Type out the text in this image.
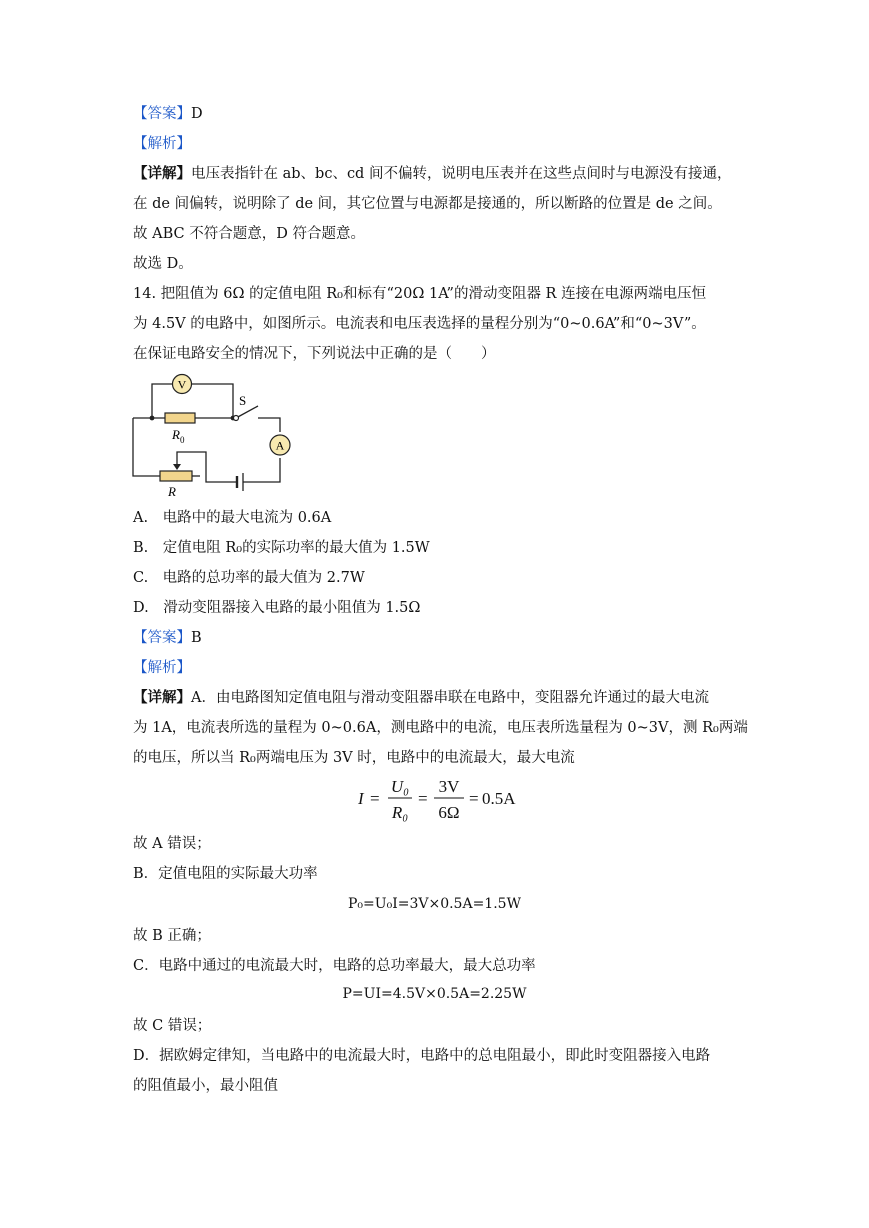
【答案】D
【解析】
【详解】电压表指针在 ab、bc、cd 间不偏转，说明电压表并在这些点间时与电源没有接通，
在 de 间偏转，说明除了 de 间，其它位置与电源都是接通的，所以断路的位置是 de 之间。
故 ABC 不符合题意，D 符合题意。
故选 D。
14. 把阻值为 6Ω 的定值电阻 R₀和标有“20Ω 1A”的滑动变阻器 R 连接在电源两端电压恒
为 4.5V 的电路中，如图所示。电流表和电压表选择的量程分别为“0~0.6A”和“0~3V”。
在保证电路安全的情况下，下列说法中正确的是（　　）
V
$R_0$
S
A
R
A.　电路中的最大电流为 0.6A
B.　定值电阻 R₀的实际功率的最大值为 1.5W
C.　电路的总功率的最大值为 2.7W
D.　滑动变阻器接入电路的最小阻值为 1.5Ω
【答案】B
【解析】
【详解】A．由电路图知定值电阻与滑动变阻器串联在电路中，变阻器允许通过的最大电流
为 1A，电流表所选的量程为 0~0.6A，测电路中的电流，电压表所选量程为 0~3V，测 R₀两端
的电压，所以当 R₀两端电压为 3V 时，电路中的电流最大，最大电流
I =
U₀
R₀
=
3V
6Ω
= 0.5A
故 A 错误；
B．定值电阻的实际最大功率
P₀=U₀I=3V×0.5A=1.5W
故 B 正确；
C．电路中通过的电流最大时，电路的总功率最大，最大总功率
P=UI=4.5V×0.5A=2.25W
故 C 错误；
D．据欧姆定律知，当电路中的电流最大时，电路中的总电阻最小，即此时变阻器接入电路
的阻值最小，最小阻值
